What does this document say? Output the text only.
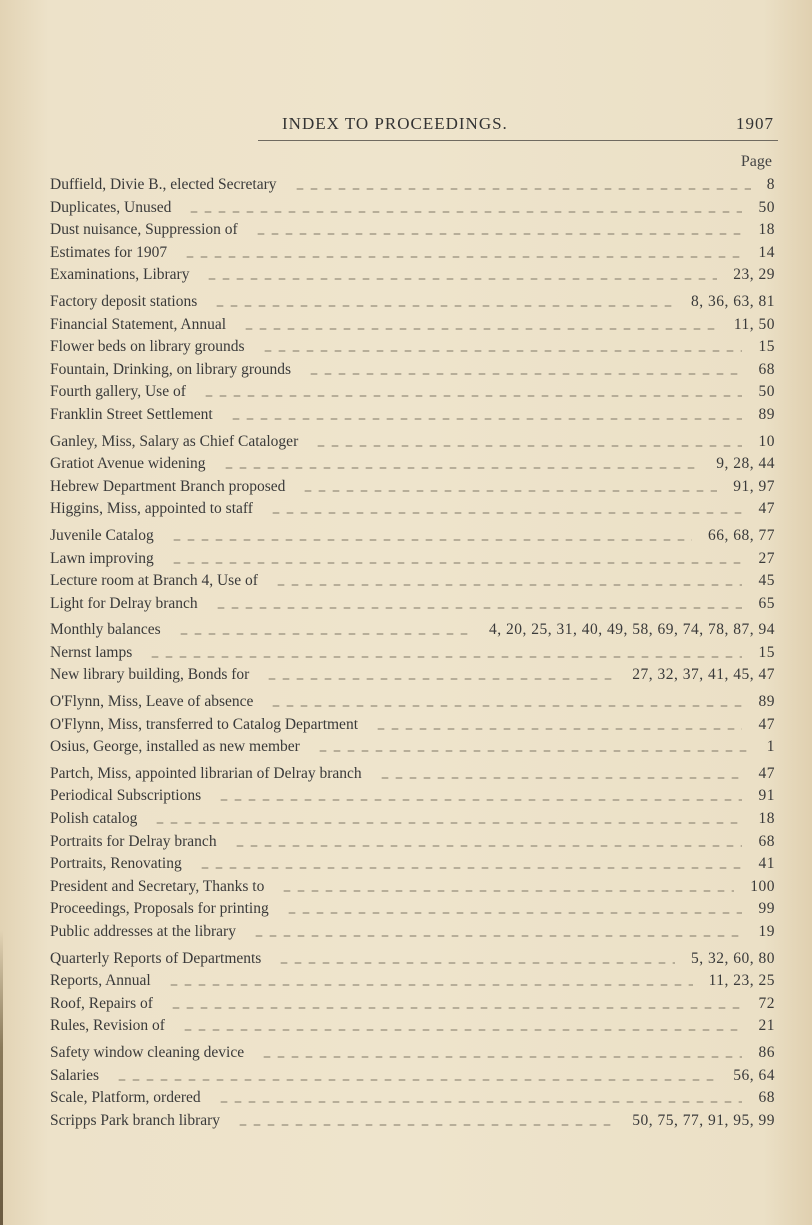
INDEX TO PROCEEDINGS.	1907
Page
Duffield, Divie B., elected Secretary	8
Duplicates, Unused	50
Dust nuisance, Suppression of	18
Estimates for 1907	14
Examinations, Library	23, 29
Factory deposit stations	8, 36, 63, 81
Financial Statement, Annual	11, 50
Flower beds on library grounds	15
Fountain, Drinking, on library grounds	68
Fourth gallery, Use of	50
Franklin Street Settlement	89
Ganley, Miss, Salary as Chief Cataloger	10
Gratiot Avenue widening	9, 28, 44
Hebrew Department Branch proposed	91, 97
Higgins, Miss, appointed to staff	47
Juvenile Catalog	66, 68, 77
Lawn improving	27
Lecture room at Branch 4, Use of	45
Light for Delray branch	65
Monthly balances	4, 20, 25, 31, 40, 49, 58, 69, 74, 78, 87, 94
Nernst lamps	15
New library building, Bonds for	27, 32, 37, 41, 45, 47
O'Flynn, Miss, Leave of absence	89
O'Flynn, Miss, transferred to Catalog Department	47
Osius, George, installed as new member	1
Partch, Miss, appointed librarian of Delray branch	47
Periodical Subscriptions	91
Polish catalog	18
Portraits for Delray branch	68
Portraits, Renovating	41
President and Secretary, Thanks to	100
Proceedings, Proposals for printing	99
Public addresses at the library	19
Quarterly Reports of Departments	5, 32, 60, 80
Reports, Annual	11, 23, 25
Roof, Repairs of	72
Rules, Revision of	21
Safety window cleaning device	86
Salaries	56, 64
Scale, Platform, ordered	68
Scripps Park branch library	50, 75, 77, 91, 95, 99
